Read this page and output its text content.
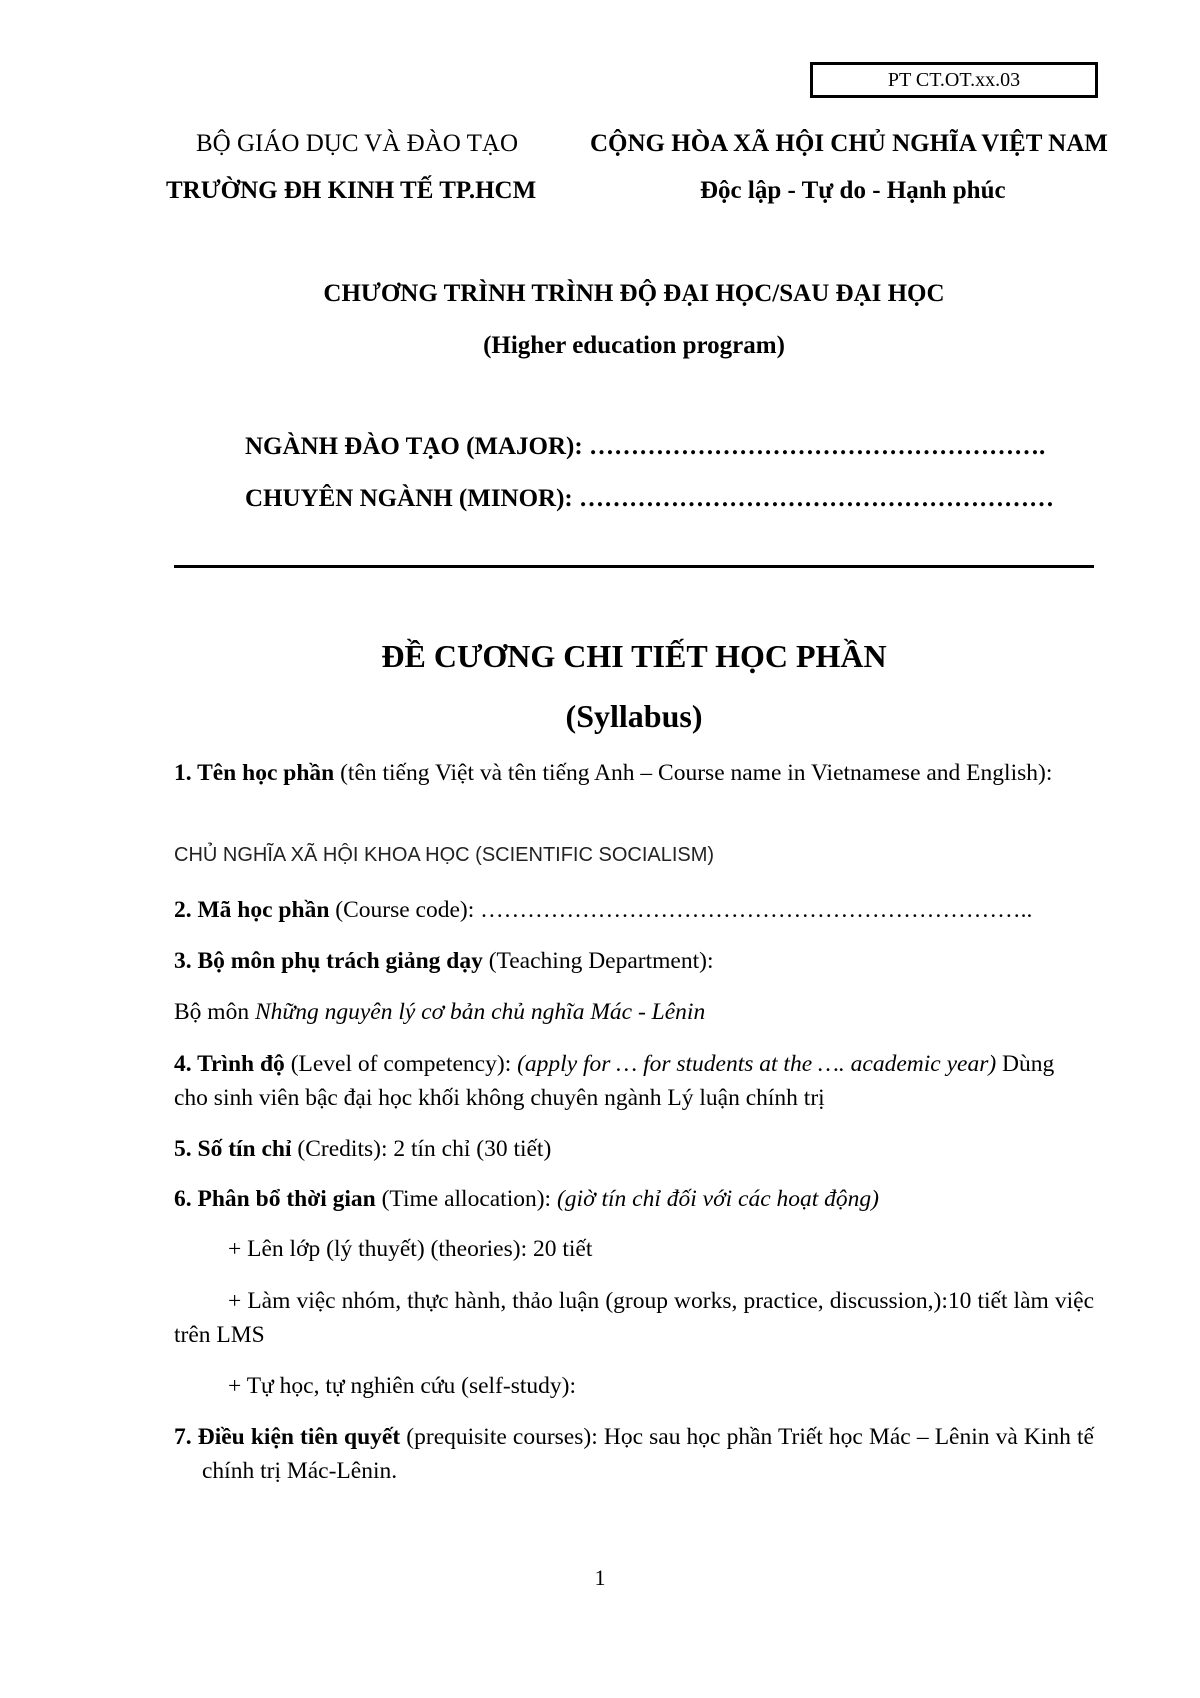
PT CT.OT.xx.03
BỘ GIÁO DỤC VÀ ĐÀO TẠO
TRƯỜNG ĐH KINH TẾ TP.HCM
CỘNG HÒA XÃ HỘI CHỦ NGHĨA VIỆT NAM
Độc lập - Tự do - Hạnh phúc
CHƯƠNG TRÌNH TRÌNH ĐỘ ĐẠI HỌC/SAU ĐẠI HỌC
(Higher education program)
NGÀNH ĐÀO TẠO (MAJOR): ……………………………………………….
CHUYÊN NGÀNH (MINOR): …………………………………………………
ĐỀ CƯƠNG CHI TIẾT HỌC PHẦN
(Syllabus)
1. Tên học phần (tên tiếng Việt và tên tiếng Anh – Course name in Vietnamese and English):
CHỦ NGHĨA XÃ HỘI KHOA HỌC (SCIENTIFIC SOCIALISM)
2. Mã học phần (Course code): ……………………………………………………………..
3. Bộ môn phụ trách giảng dạy (Teaching Department):
Bộ môn Những nguyên lý cơ bản chủ nghĩa Mác - Lênin
4. Trình độ (Level of competency): (apply for … for students at the …. academic year) Dùng cho sinh viên bậc đại học khối không chuyên ngành Lý luận chính trị
5. Số tín chỉ (Credits): 2 tín chỉ (30 tiết)
6. Phân bổ thời gian (Time allocation): (giờ tín chỉ đối với các hoạt động)
+ Lên lớp (lý thuyết) (theories): 20 tiết
+ Làm việc nhóm, thực hành, thảo luận (group works, practice, discussion,):10 tiết làm việc trên LMS
+ Tự học, tự nghiên cứu (self-study):
7. Điều kiện tiên quyết (prequisite courses): Học sau học phần Triết học Mác – Lênin và Kinh tế chính trị Mác-Lênin.
1
